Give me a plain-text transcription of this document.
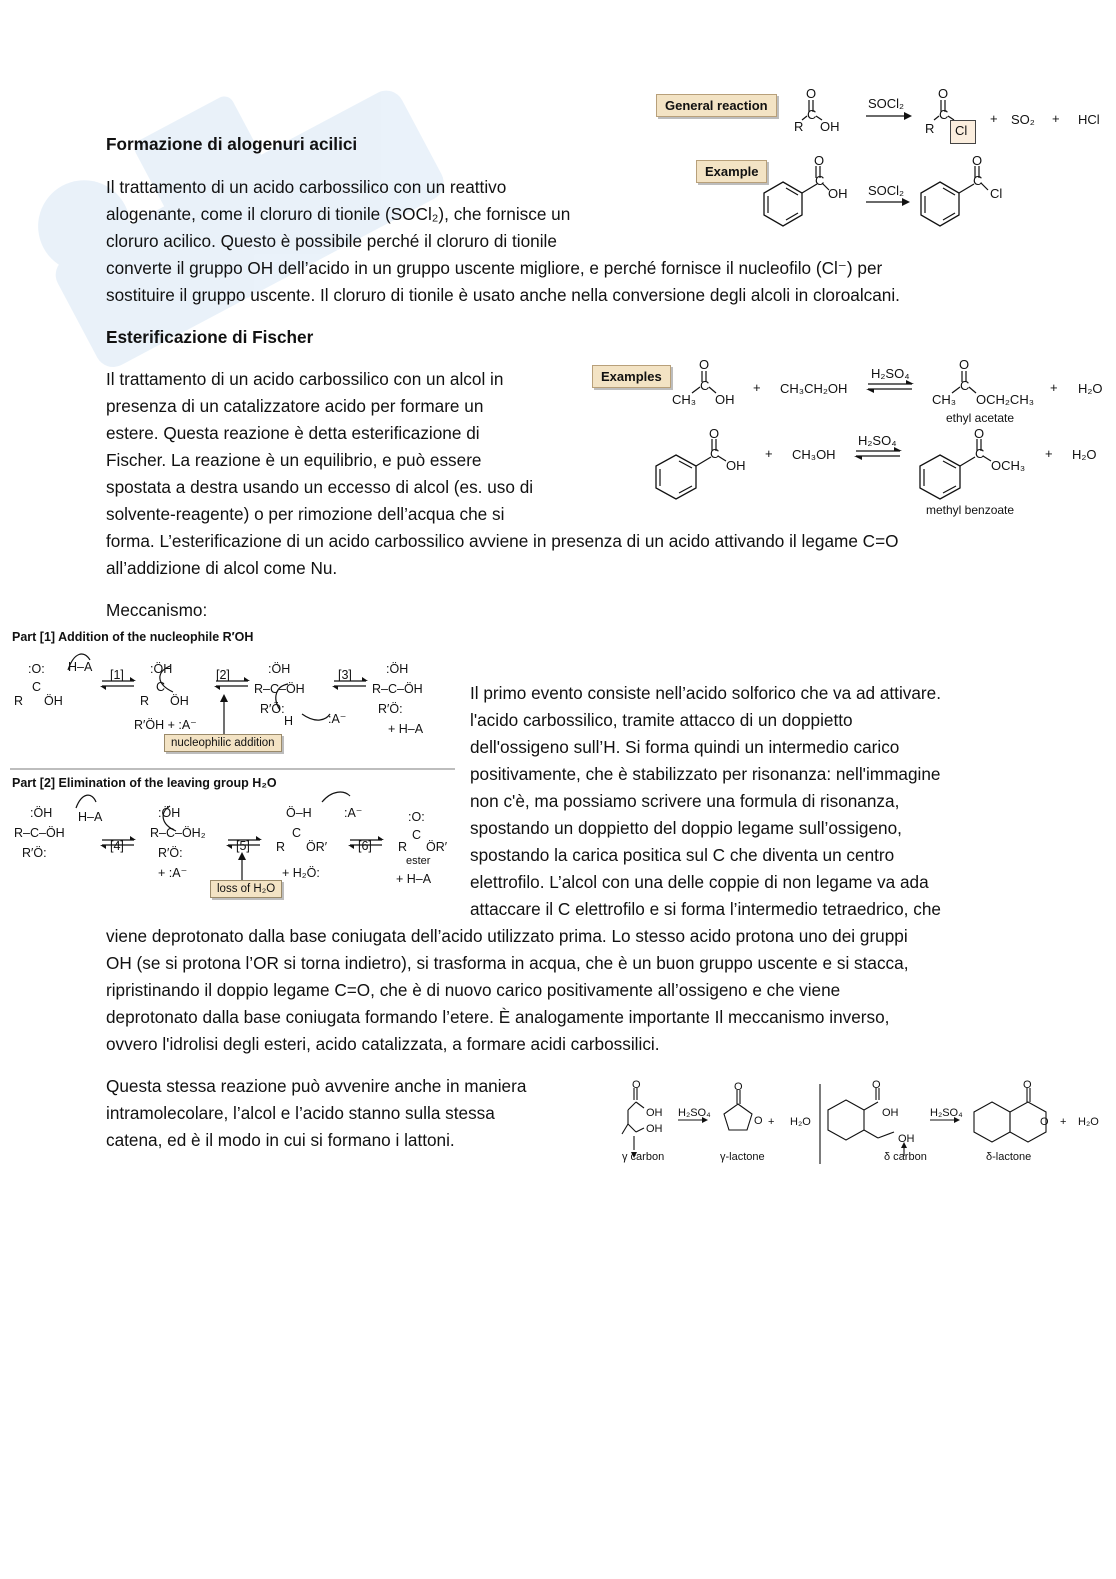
Formazione di alogenuri acilici
Il trattamento di un acido carbossilico con un reattivo
alogenante, come il cloruro di tionile (SOCl₂), che fornisce un
cloruro acilico. Questo è possibile perché il cloruro di tionile
converte il gruppo OH dell’acido in un gruppo uscente migliore, e perché fornisce il nucleofilo (Cl⁻) per
sostituire il gruppo uscente. Il cloruro di tionile è usato anche nella conversione degli alcoli in cloroalcani.
General reaction
O
C
R OH
SOCl₂
O
C
R Cl
+ SO₂ + HCl
Example
O
C
OH SOCl₂
O
C
Cl
Esterificazione di Fischer
Il trattamento di un acido carbossilico con un alcol in
presenza di un catalizzatore acido per formare un
estere. Questa reazione è detta esterificazione di
Fischer. La reazione è un equilibrio, e può essere
spostata a destra usando un eccesso di alcol (es. uso di
solvente-reagente) o per rimozione dell’acqua che si
forma. L’esterificazione di un acido carbossilico avviene in presenza di un acido attivando il legame C=O
all’addizione di alcol come Nu.
Examples
O
C
CH₃ OH
+ CH₃CH₂OH
H₂SO₄
O
C
CH₃ OCH₂CH₃
ethyl acetate
+ H₂O
O
C
OH
+ CH₃OH
H₂SO₄	O
C
OCH₃
+ H₂O
methyl benzoate
Meccanismo:
Part [1] Addition of the nucleophile R′OH
:O: H–A
C
R ÖH
[1] :ÖH
C
R ÖH
R′ÖH + :A⁻
[2]	:ÖH
R–C–ÖH
R′Ö:
H	:A⁻
[3]	:ÖH
R–C–ÖH
R′Ö:
+ H–A
nucleophilic addition
Part [2] Elimination of the leaving group H₂O
:ÖH H–A
R–C–ÖH
R′Ö:	[4]
:ÖH
R–C–ÖH₂
R′Ö:
+ :A⁻
[5]
Ö–H	:A⁻
C
R ÖR′
+ H₂Ö:
[6]
:O:
C
R ÖR′
ester
+ H–A
loss of H₂O
Il primo evento consiste nell’acido solforico che va ad attivare.
l'acido carbossilico, tramite attacco di un doppietto
dell'ossigeno sull’H. Si forma quindi un intermedio carico
positivamente, che è stabilizzato per risonanza: nell'immagine
non c'è, ma possiamo scrivere una formula di risonanza,
spostando un doppietto del doppio legame sull’ossigeno,
spostando la carica positica sul C che diventa un centro
elettrofilo. L’alcol con una delle coppie di non legame va ada
attaccare il C elettrofilo e si forma l’intermedio tetraedrico, che
viene deprotonato dalla base coniugata dell’acido utilizzato prima. Lo stesso acido protona uno dei gruppi
OH (se si protona l’OR si torna indietro), si trasforma in acqua, che è un buon gruppo uscente e si stacca,
ripristinando il doppio legame C=O, che è di nuovo carico positivamente all’ossigeno e che viene
deprotonato dalla base coniugata formando l’etere. È analogamente importante Il meccanismo inverso,
ovvero l'idrolisi degli esteri, acido catalizzata, a formare acidi carbossilici.
Questa stessa reazione può avvenire anche in maniera
intramolecolare, l’alcol e l’acido stanno sulla stessa
catena, ed è il modo in cui si formano i lattoni.
O
OH
OH
γ carbon
H₂SO₄
O
O
γ-lactone
+ H₂O
O
OH
OH
δ carbon
H₂SO₄
O
O
δ-lactone
+ H₂O
